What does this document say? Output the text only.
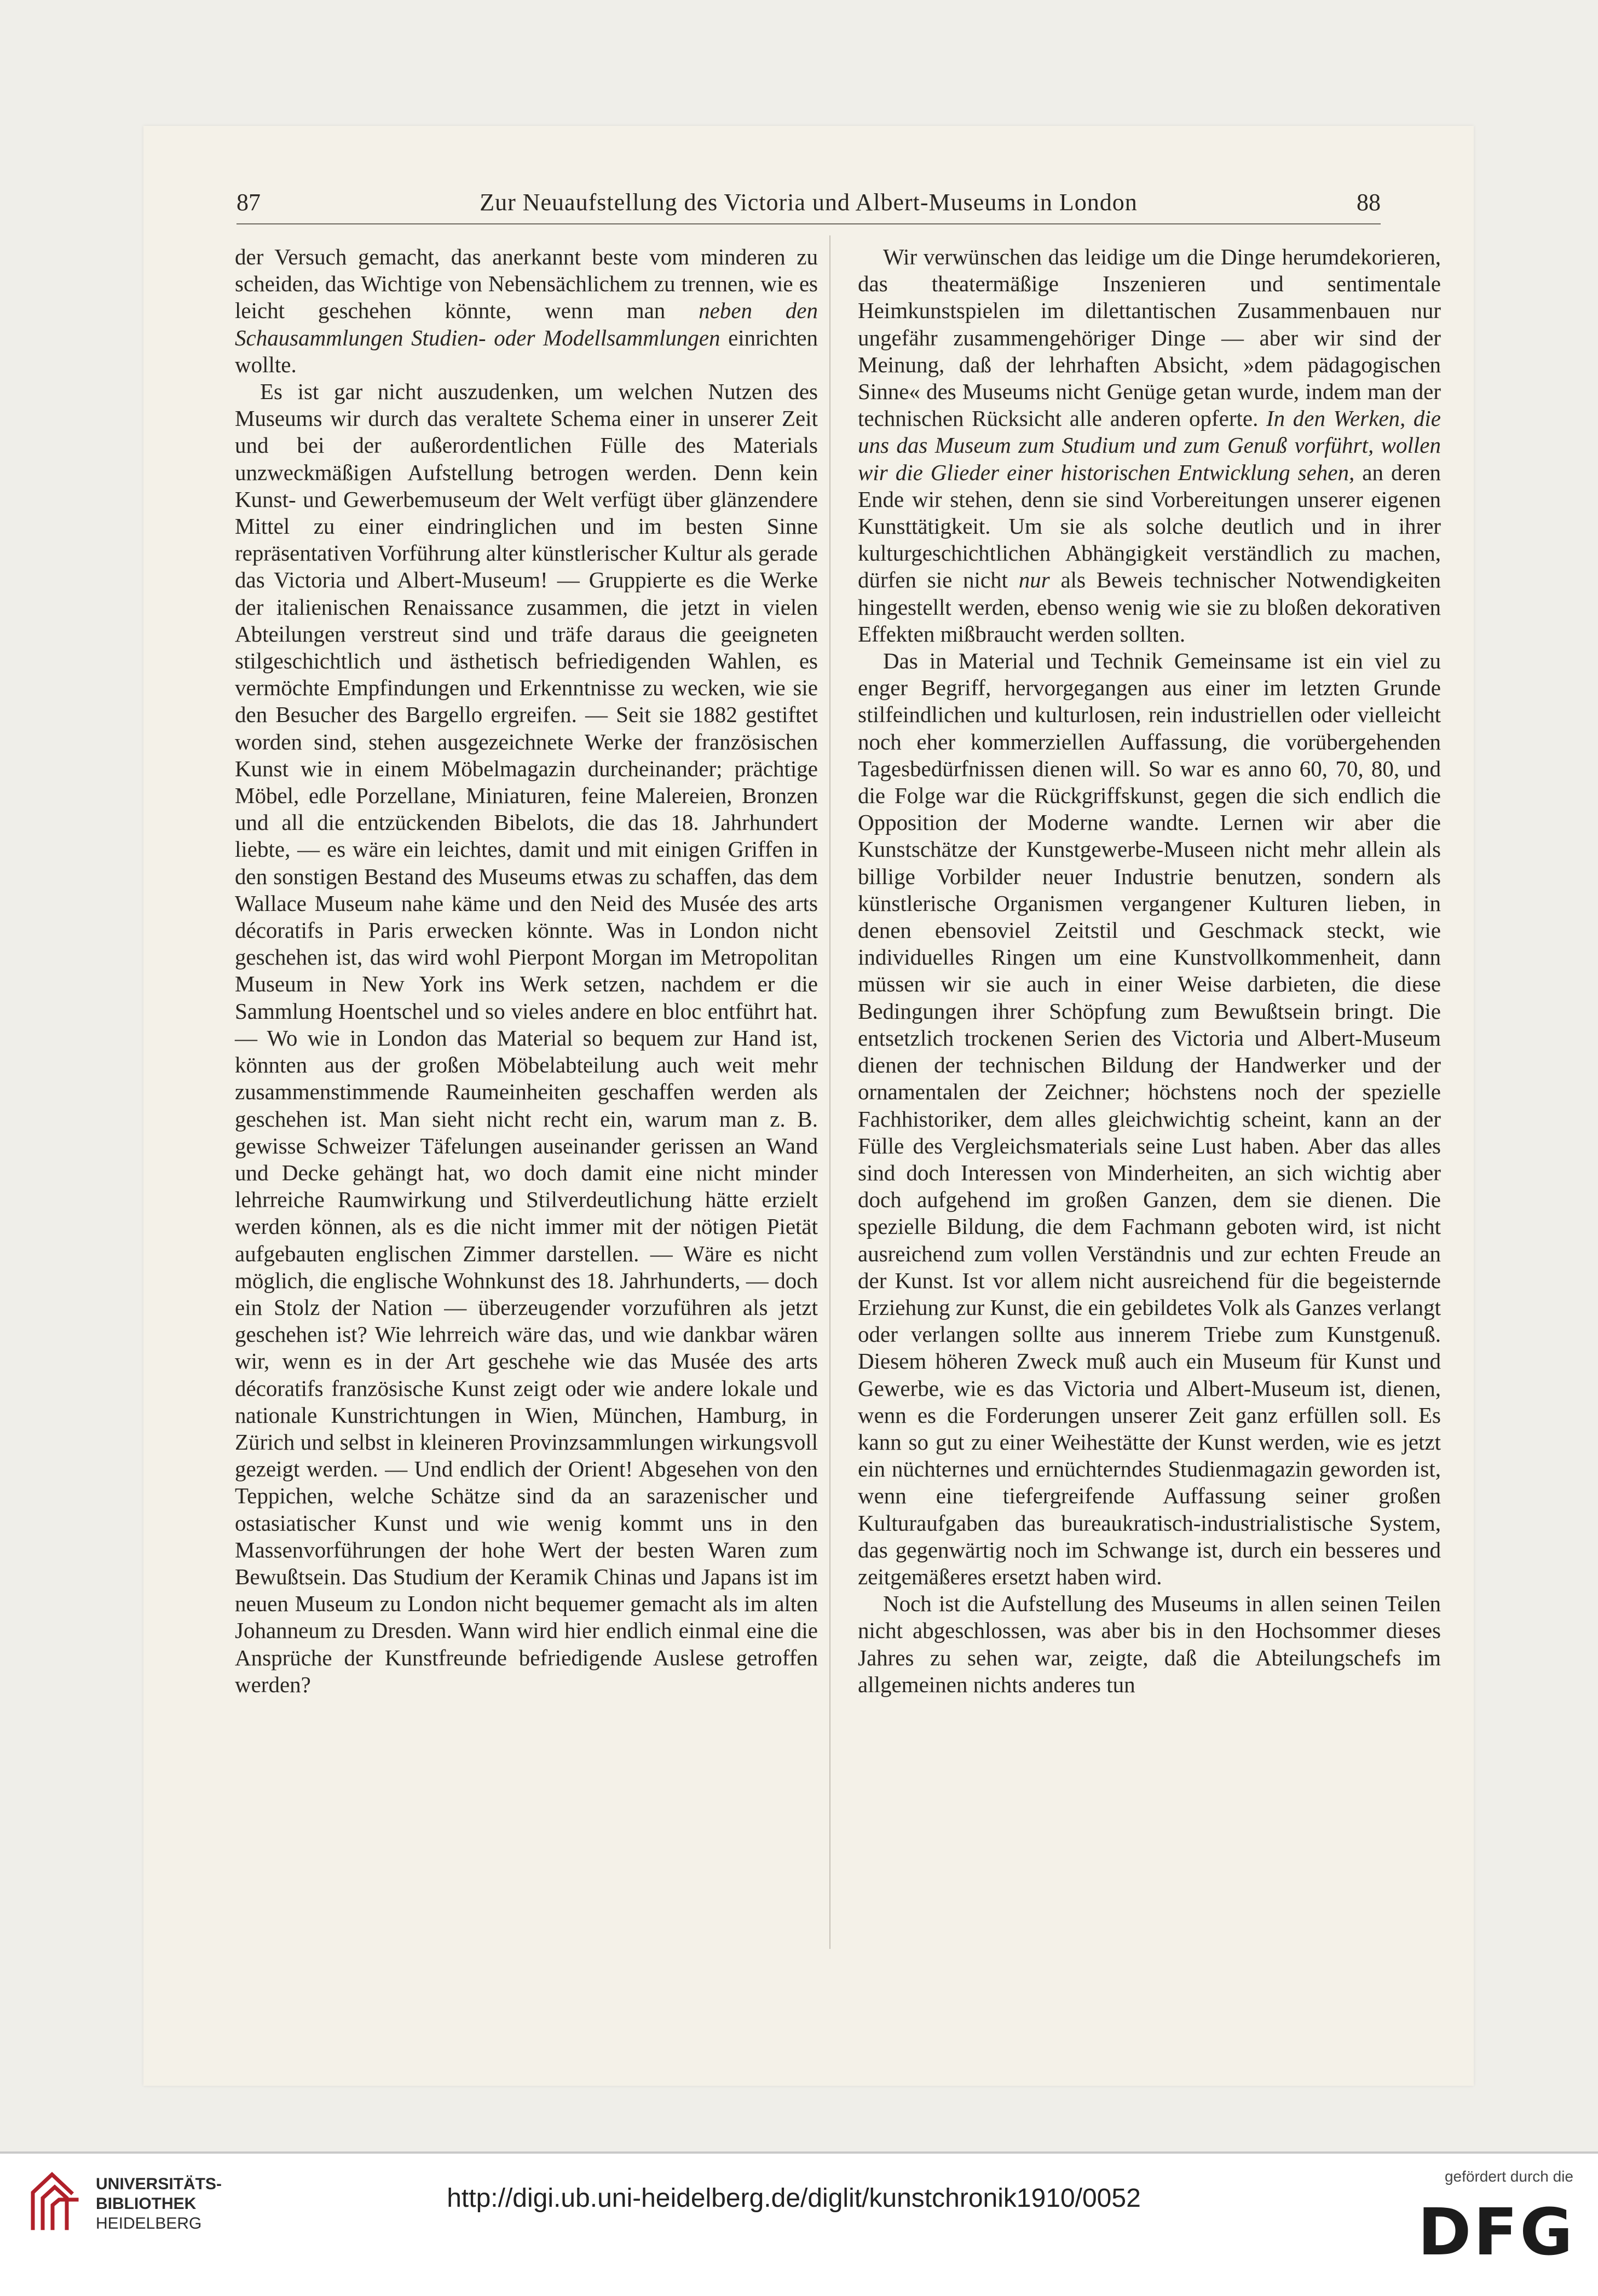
87	Zur Neuaufstellung des Victoria und Albert-Museums in London	88

der Versuch gemacht, das anerkannt beste vom minderen zu scheiden, das Wichtige von Nebensächlichem zu trennen, wie es leicht geschehen könnte, wenn man neben den Schausammlungen Studien- oder Modellsammlungen einrichten wollte.

Es ist gar nicht auszudenken, um welchen Nutzen des Museums wir durch das veraltete Schema einer in unserer Zeit und bei der außerordentlichen Fülle des Materials unzweckmäßigen Aufstellung betrogen werden. Denn kein Kunst- und Gewerbemuseum der Welt verfügt über glänzendere Mittel zu einer eindringlichen und im besten Sinne repräsentativen Vorführung alter künstlerischer Kultur als gerade das Victoria und Albert-Museum! — Gruppierte es die Werke der italienischen Renaissance zusammen, die jetzt in vielen Abteilungen verstreut sind und träfe daraus die geeigneten stilgeschichtlich und ästhetisch befriedigenden Wahlen, es vermöchte Empfindungen und Erkenntnisse zu wecken, wie sie den Besucher des Bargello ergreifen. — Seit sie 1882 gestiftet worden sind, stehen ausgezeichnete Werke der französischen Kunst wie in einem Möbelmagazin durcheinander; prächtige Möbel, edle Porzellane, Miniaturen, feine Malereien, Bronzen und all die entzückenden Bibelots, die das 18. Jahrhundert liebte, — es wäre ein leichtes, damit und mit einigen Griffen in den sonstigen Bestand des Museums etwas zu schaffen, das dem Wallace Museum nahe käme und den Neid des Musée des arts décoratifs in Paris erwecken könnte. Was in London nicht geschehen ist, das wird wohl Pierpont Morgan im Metropolitan Museum in New York ins Werk setzen, nachdem er die Sammlung Hoentschel und so vieles andere en bloc entführt hat. — Wo wie in London das Material so bequem zur Hand ist, könnten aus der großen Möbelabteilung auch weit mehr zusammenstimmende Raumeinheiten geschaffen werden als geschehen ist. Man sieht nicht recht ein, warum man z. B. gewisse Schweizer Täfelungen auseinander gerissen an Wand und Decke gehängt hat, wo doch damit eine nicht minder lehrreiche Raumwirkung und Stilverdeutlichung hätte erzielt werden können, als es die nicht immer mit der nötigen Pietät aufgebauten englischen Zimmer darstellen. — Wäre es nicht möglich, die englische Wohnkunst des 18. Jahrhunderts, — doch ein Stolz der Nation — überzeugender vorzuführen als jetzt geschehen ist? Wie lehrreich wäre das, und wie dankbar wären wir, wenn es in der Art geschehe wie das Musée des arts décoratifs französische Kunst zeigt oder wie andere lokale und nationale Kunstrichtungen in Wien, München, Hamburg, in Zürich und selbst in kleineren Provinzsammlungen wirkungsvoll gezeigt werden. — Und endlich der Orient! Abgesehen von den Teppichen, welche Schätze sind da an sarazenischer und ostasiatischer Kunst und wie wenig kommt uns in den Massenvorführungen der hohe Wert der besten Waren zum Bewußtsein. Das Studium der Keramik Chinas und Japans ist im neuen Museum zu London nicht bequemer gemacht als im alten Johanneum zu Dresden. Wann wird hier endlich einmal eine die Ansprüche der Kunstfreunde befriedigende Auslese getroffen werden?

Wir verwünschen das leidige um die Dinge herumdekorieren, das theatermäßige Inszenieren und sentimentale Heimkunstspielen im dilettantischen Zusammenbauen nur ungefähr zusammengehöriger Dinge — aber wir sind der Meinung, daß der lehrhaften Absicht, »dem pädagogischen Sinne« des Museums nicht Genüge getan wurde, indem man der technischen Rücksicht alle anderen opferte. In den Werken, die uns das Museum zum Studium und zum Genuß vorführt, wollen wir die Glieder einer historischen Entwicklung sehen, an deren Ende wir stehen, denn sie sind Vorbereitungen unserer eigenen Kunsttätigkeit. Um sie als solche deutlich und in ihrer kulturgeschichtlichen Abhängigkeit verständlich zu machen, dürfen sie nicht nur als Beweis technischer Notwendigkeiten hingestellt werden, ebenso wenig wie sie zu bloßen dekorativen Effekten mißbraucht werden sollten.

Das in Material und Technik Gemeinsame ist ein viel zu enger Begriff, hervorgegangen aus einer im letzten Grunde stilfeindlichen und kulturlosen, rein industriellen oder vielleicht noch eher kommerziellen Auffassung, die vorübergehenden Tagesbedürfnissen dienen will. So war es anno 60, 70, 80, und die Folge war die Rückgriffskunst, gegen die sich endlich die Opposition der Moderne wandte. Lernen wir aber die Kunstschätze der Kunstgewerbe-Museen nicht mehr allein als billige Vorbilder neuer Industrie benutzen, sondern als künstlerische Organismen vergangener Kulturen lieben, in denen ebensoviel Zeitstil und Geschmack steckt, wie individuelles Ringen um eine Kunstvollkommenheit, dann müssen wir sie auch in einer Weise darbieten, die diese Bedingungen ihrer Schöpfung zum Bewußtsein bringt. Die entsetzlich trockenen Serien des Victoria und Albert-Museum dienen der technischen Bildung der Handwerker und der ornamentalen der Zeichner; höchstens noch der spezielle Fachhistoriker, dem alles gleichwichtig scheint, kann an der Fülle des Vergleichsmaterials seine Lust haben. Aber das alles sind doch Interessen von Minderheiten, an sich wichtig aber doch aufgehend im großen Ganzen, dem sie dienen. Die spezielle Bildung, die dem Fachmann geboten wird, ist nicht ausreichend zum vollen Verständnis und zur echten Freude an der Kunst. Ist vor allem nicht ausreichend für die begeisternde Erziehung zur Kunst, die ein gebildetes Volk als Ganzes verlangt oder verlangen sollte aus innerem Triebe zum Kunstgenuß. Diesem höheren Zweck muß auch ein Museum für Kunst und Gewerbe, wie es das Victoria und Albert-Museum ist, dienen, wenn es die Forderungen unserer Zeit ganz erfüllen soll. Es kann so gut zu einer Weihestätte der Kunst werden, wie es jetzt ein nüchternes und ernüchterndes Studienmagazin geworden ist, wenn eine tiefergreifende Auffassung seiner großen Kulturaufgaben das bureaukratisch-industrialistische System, das gegenwärtig noch im Schwange ist, durch ein besseres und zeitgemäßeres ersetzt haben wird.

Noch ist die Aufstellung des Museums in allen seinen Teilen nicht abgeschlossen, was aber bis in den Hochsommer dieses Jahres zu sehen war, zeigte, daß die Abteilungschefs im allgemeinen nichts anderes tun

UNIVERSITÄTS-
BIBLIOTHEK
HEIDELBERG
http://digi.ub.uni-heidelberg.de/diglit/kunstchronik1910/0052
gefördert durch die
DFG
